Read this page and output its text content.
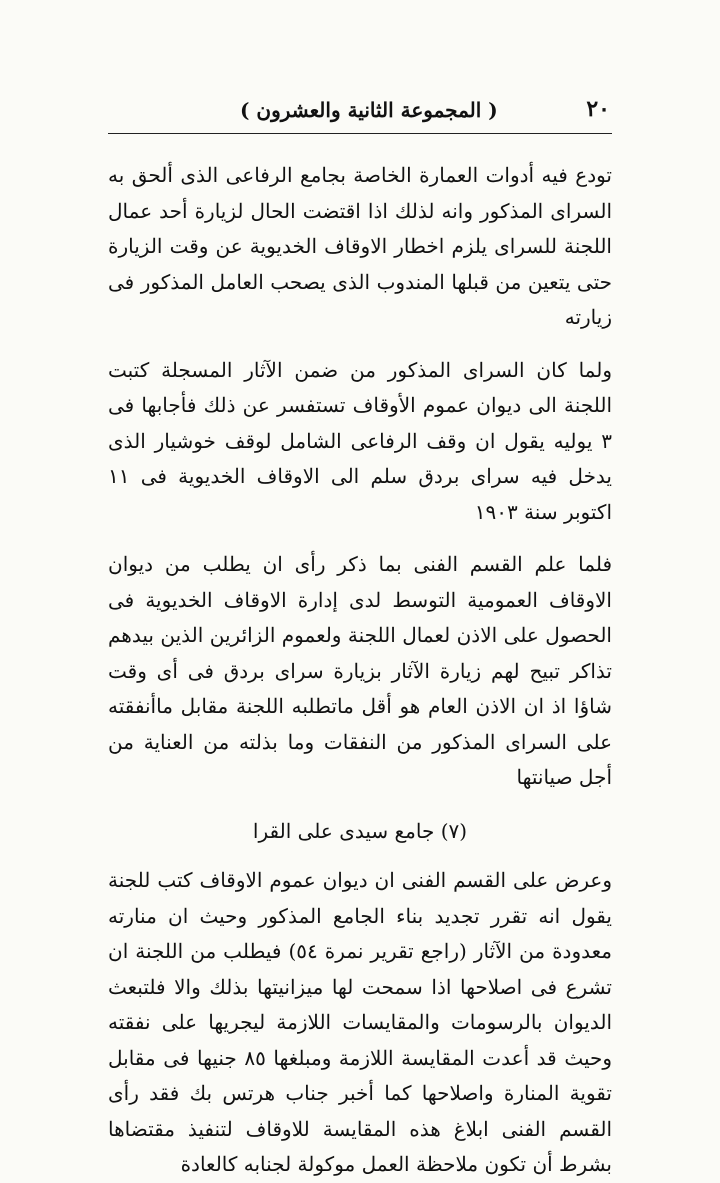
٢٠
( المجموعة الثانية والعشرون )

تودع فيه أدوات العمارة الخاصة بجامع الرفاعى الذى ألحق به السراى المذكور وانه لذلك اذا اقتضت الحال لزيارة أحد عمال اللجنة للسراى يلزم اخطار الاوقاف الخديوية عن وقت الزيارة حتى يتعين من قبلها المندوب الذى يصحب العامل المذكور فى زيارته

ولما كان السراى المذكور من ضمن الآثار المسجلة كتبت اللجنة الى ديوان عموم الأوقاف تستفسر عن ذلك فأجابها فى ٣ يوليه يقول ان وقف الرفاعى الشامل لوقف خوشيار الذى يدخل فيه سراى بردق سلم الى الاوقاف الخديوية فى ١١ اكتوبر سنة ١٩٠٣

فلما علم القسم الفنى بما ذكر رأى ان يطلب من ديوان الاوقاف العمومية التوسط لدى إدارة الاوقاف الخديوية فى الحصول على الاذن لعمال اللجنة ولعموم الزائرين الذين بيدهم تذاكر تبيح لهم زيارة الآثار بزيارة سراى بردق فى أى وقت شاؤا اذ ان الاذن العام هو أقل ماتطلبه اللجنة مقابل ماأنفقته على السراى المذكور من النفقات وما بذلته من العناية من أجل صيانتها

(٧) جامع سيدى على القرا

وعرض على القسم الفنى ان ديوان عموم الاوقاف كتب للجنة يقول انه تقرر تجديد بناء الجامع المذكور وحيث ان منارته معدودة من الآثار (راجع تقرير نمرة ٥٤) فيطلب من اللجنة ان تشرع فى اصلاحها اذا سمحت لها ميزانيتها بذلك والا فلتبعث الديوان بالرسومات والمقايسات اللازمة ليجريها على نفقته وحيث قد أعدت المقايسة اللازمة ومبلغها ٨٥ جنيها فى مقابل تقوية المنارة واصلاحها كما أخبر جناب هرتس بك فقد رأى القسم الفنى ابلاغ هذه المقايسة للاوقاف لتنفيذ مقتضاها بشرط أن تكون ملاحظة العمل موكولة لجنابه كالعادة
